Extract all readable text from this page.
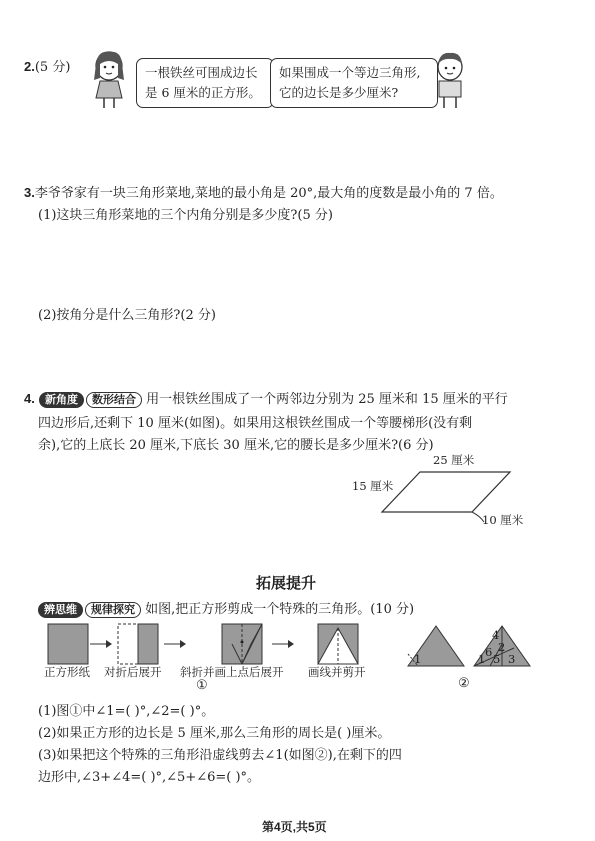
2.(5 分)	一根铁丝可围成边长
是 6 厘米的正方形。
如果围成一个等边三角形,
它的边长是多少厘米?
3.李爷爷家有一块三角形菜地,菜地的最小角是 20°,最大角的度数是最小角的 7 倍。
(1)这块三角形菜地的三个内角分别是多少度?(5 分)
(2)按角分是什么三角形?(2 分)
4. 新角度 数形结合 用一根铁丝围成了一个两邻边分别为 25 厘米和 15 厘米的平行
四边形后,还剩下 10 厘米(如图)。如果用这根铁丝围成一个等腰梯形(没有剩
余),它的上底长 20 厘米,下底长 30 厘米,它的腰长是多少厘米?(6 分)
25 厘米
15 厘米
10 厘米
拓展提升
辨思维 规律探究 如图,把正方形剪成一个特殊的三角形。(10 分)
正方形纸 对折后展开 斜折并画上点后展开 画线并剪开
①
1	1
4
2
6 5 3
②
(1)图①中∠1=( )°,∠2=( )°。
(2)如果正方形的边长是 5 厘米,那么三角形的周长是( )厘米。
(3)如果把这个特殊的三角形沿虚线剪去∠1(如图②),在剩下的四
边形中,∠3+∠4=( )°,∠5+∠6=( )°。
第4页,共5页
